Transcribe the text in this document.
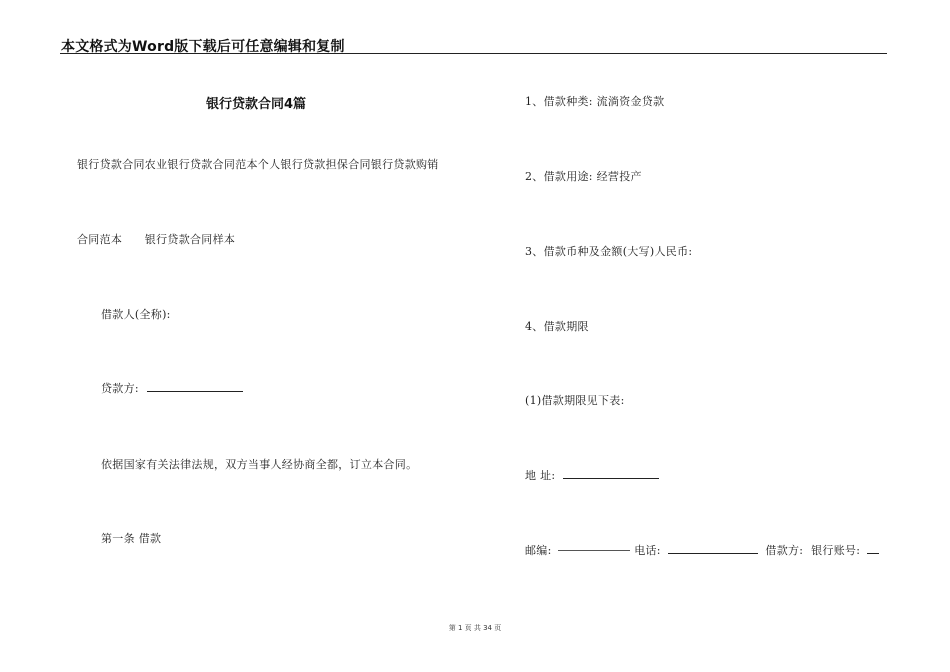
本文格式为Word版下载后可任意编辑和复制
银行贷款合同4篇
银行贷款合同农业银行贷款合同范本个人银行贷款担保合同银行贷款购销
合同范本　　银行贷款合同样本
借款人(全称):
贷款方:
依据国家有关法律法规，双方当事人经协商全都，订立本合同。
第一条 借款
1、借款种类: 流淌资金贷款
2、借款用途: 经营投产
3、借款币种及金额(大写)人民币:
4、借款期限
(1)借款期限见下表:
地 址:
邮编:	电话:	借款方: 银行账号:
第 1 页 共 34 页
